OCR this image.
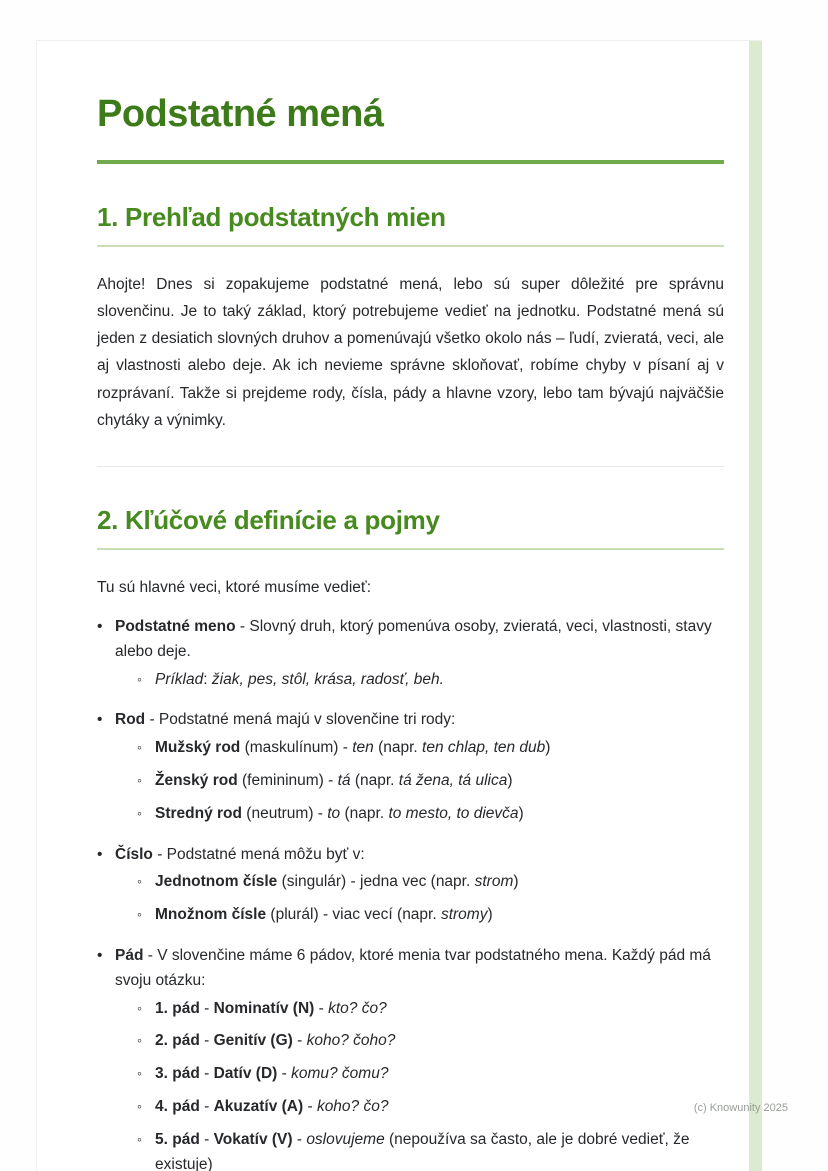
Podstatné mená
1. Prehľad podstatných mien

Ahojte! Dnes si zopakujeme podstatné mená, lebo sú super dôležité pre správnu slovenčinu. Je to taký základ, ktorý potrebujeme vedieť na jednotku. Podstatné mená sú jeden z desiatich slovných druhov a pomenúvajú všetko okolo nás – ľudí, zvieratá, veci, ale aj vlastnosti alebo deje. Ak ich nevieme správne skloňovať, robíme chyby v písaní aj v rozprávaní. Takže si prejdeme rody, čísla, pády a hlavne vzory, lebo tam bývajú najväčšie chytáky a výnimky.

2. Kľúčové definície a pojmy

Tu sú hlavné veci, ktoré musíme vedieť:

• Podstatné meno - Slovný druh, ktorý pomenúva osoby, zvieratá, veci, vlastnosti, stavy alebo deje.
◦ Príklad: žiak, pes, stôl, krása, radosť, beh.
• Rod - Podstatné mená majú v slovenčine tri rody:
◦ Mužský rod (maskulínum) - ten (napr. ten chlap, ten dub)
◦ Ženský rod (femininum) - tá (napr. tá žena, tá ulica)
◦ Stredný rod (neutrum) - to (napr. to mesto, to dievča)
• Číslo - Podstatné mená môžu byť v:
◦ Jednotnom čísle (singulár) - jedna vec (napr. strom)
◦ Množnom čísle (plurál) - viac vecí (napr. stromy)
• Pád - V slovenčine máme 6 pádov, ktoré menia tvar podstatného mena. Každý pád má svoju otázku:
◦ 1. pád - Nominatív (N) - kto? čo?
◦ 2. pád - Genitív (G) - koho? čoho?
◦ 3. pád - Datív (D) - komu? čomu?
◦ 4. pád - Akuzatív (A) - koho? čo?
◦ 5. pád - Vokatív (V) - oslovujeme (nepoužíva sa často, ale je dobré vedieť, že existuje)
(c) Knowunity 2025
